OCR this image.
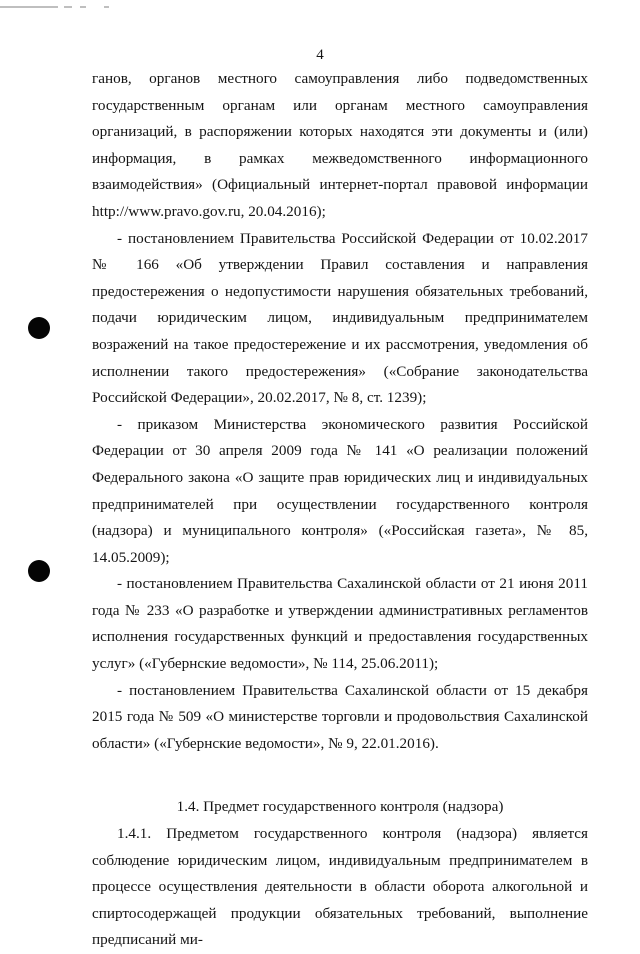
4

ганов, органов местного самоуправления либо подведомственных государственным органам или органам местного самоуправления организаций, в распоряжении которых находятся эти документы и (или) информация, в рамках межведомственного информационного взаимодействия» (Официальный интернет-портал правовой информации http://www.pravo.gov.ru, 20.04.2016);

- постановлением Правительства Российской Федерации от 10.02.2017 № 166 «Об утверждении Правил составления и направления предостережения о недопустимости нарушения обязательных требований, подачи юридическим лицом, индивидуальным предпринимателем возражений на такое предостережение и их рассмотрения, уведомления об исполнении такого предостережения» («Собрание законодательства Российской Федерации», 20.02.2017, № 8, ст. 1239);

- приказом Министерства экономического развития Российской Федерации от 30 апреля 2009 года № 141 «О реализации положений Федерального закона «О защите прав юридических лиц и индивидуальных предпринимателей при осуществлении государственного контроля (надзора) и муниципального контроля» («Российская газета», № 85, 14.05.2009);

- постановлением Правительства Сахалинской области от 21 июня 2011 года № 233 «О разработке и утверждении административных регламентов исполнения государственных функций и предоставления государственных услуг» («Губернские ведомости», № 114, 25.06.2011);

- постановлением Правительства Сахалинской области от 15 декабря 2015 года № 509 «О министерстве торговли и продовольствия Сахалинской области» («Губернские ведомости», № 9, 22.01.2016).

1.4. Предмет государственного контроля (надзора)

1.4.1. Предметом государственного контроля (надзора) является соблюдение юридическим лицом, индивидуальным предпринимателем в процессе осуществления деятельности в области оборота алкогольной и спиртосодержащей продукции обязательных требований, выполнение предписаний ми-
